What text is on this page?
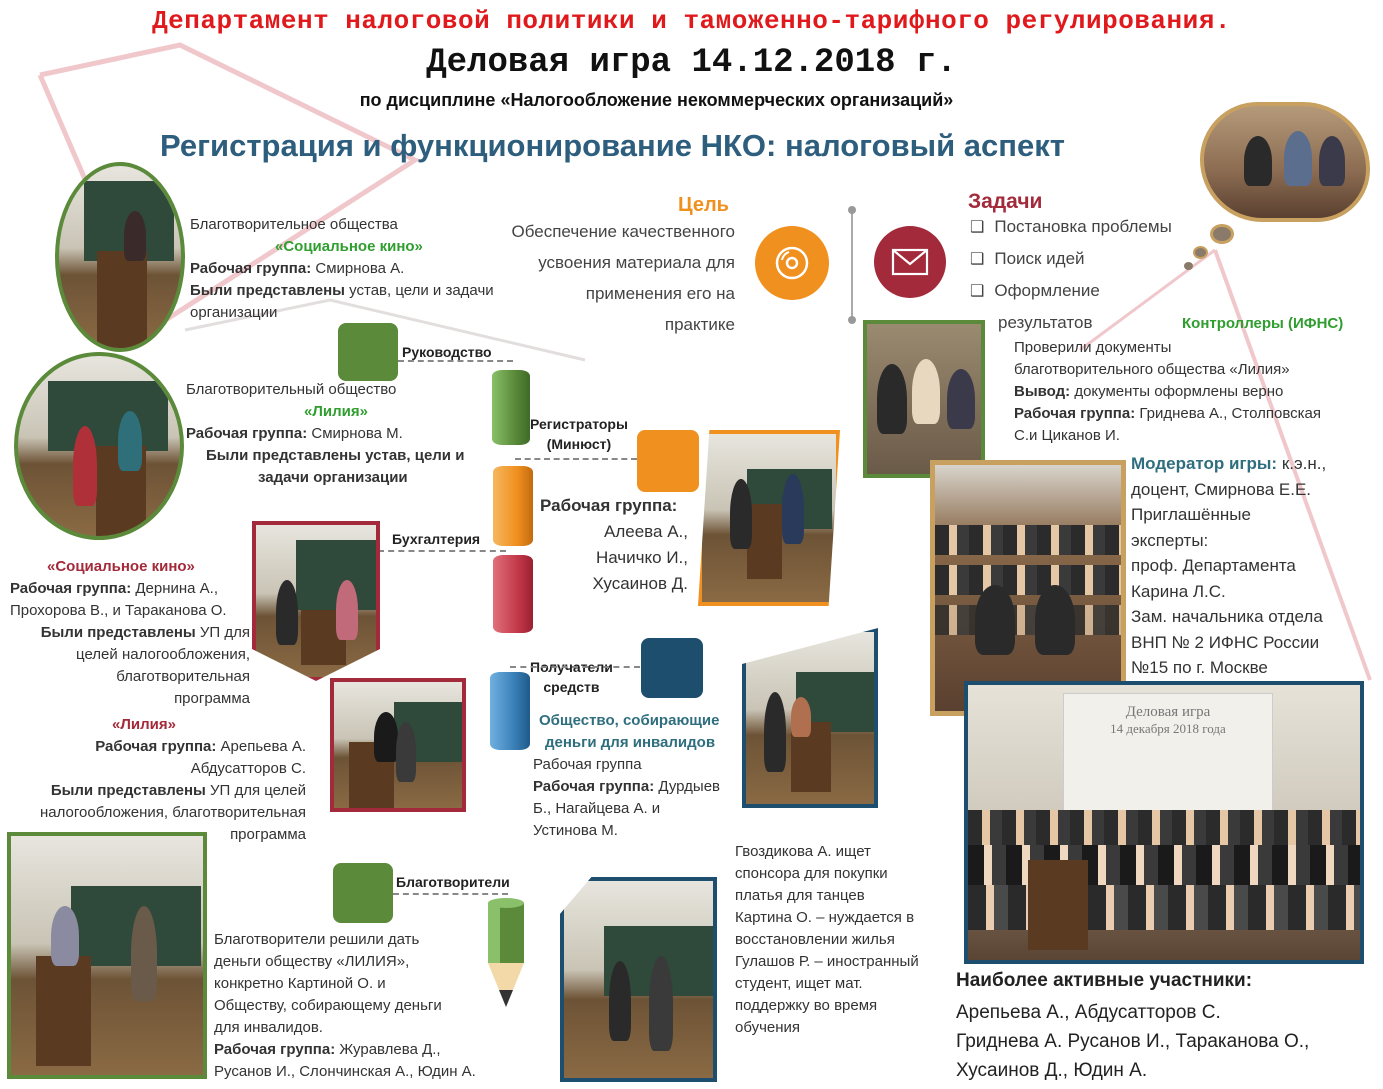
Департамент налоговой политики и таможенно-тарифного регулирования.
Деловая игра 14.12.2018 г.
по дисциплине «Налогообложение некоммерческих организаций»
Регистрация и функционирование НКО: налоговый аспект
Благотворительное общества
«Социальное кино»
Рабочая группа: Смирнова А.
Были представлены устав, цели и задачи
организации
Благотворительный общество
«Лилия»
Рабочая группа: Смирнова М.
Были представлены устав, цели и
задачи организации
Цель
Обеспечение качественного
усвоения материала для
применения его на
практике
Задачи
❑ Постановка проблемы
❑ Поиск идей
❑ Оформление
результатов
Руководство
Регистраторы
(Минюст)
Рабочая группа:
Алеева А.,
Начичко И.,
Хусаинов Д.
Бухгалтерия
Получатели
средств
Благотворители
«Социальное кино»
Рабочая группа: Дернина А.,
Прохорова В., и Тараканова О.
Были представлены УП для
целей налогообложения,
благотворительная
программа
«Лилия»
Рабочая группа: Арепьева А.
Абдусатторов С.
Были представлены УП для целей
налогообложения, благотворительная
программа
Общество, собирающие
деньги для инвалидов
Рабочая группа
Рабочая группа: Дурдыев
Б., Нагайцева А. и
Устинова М.
Благотворители решили дать
деньги обществу «ЛИЛИЯ»,
конкретно Картиной О. и
Обществу, собирающему деньги
для инвалидов.
Рабочая группа: Журавлева Д.,
Русанов И., Слончинская А., Юдин А.
Гвоздикова А. ищет
спонсора для покупки
платья для танцев
Картина О. – нуждается в
восстановлении жилья
Гулашов Р. – иностранный
студент, ищет мат.
поддержку во время
обучения
Контроллеры (ИФНС)
Проверили документы
благотворительного общества «Лилия»
Вывод: документы оформлены верно
Рабочая группа: Гриднева А., Столповская
С.и Циканов И.
Модератор игры: к.э.н.,
доцент, Смирнова Е.Е.
Приглашённые
эксперты:
проф. Департамента
Карина Л.С.
Зам. начальника отдела
ВНП № 2 ИФНС России
№15 по г. Москве
Деловая игра
14 декабря 2018 года
Наиболее активные участники:
Арепьева А., Абдусатторов С.
Гриднева А. Русанов И., Тараканова О.,
Хусаинов Д., Юдин А.
